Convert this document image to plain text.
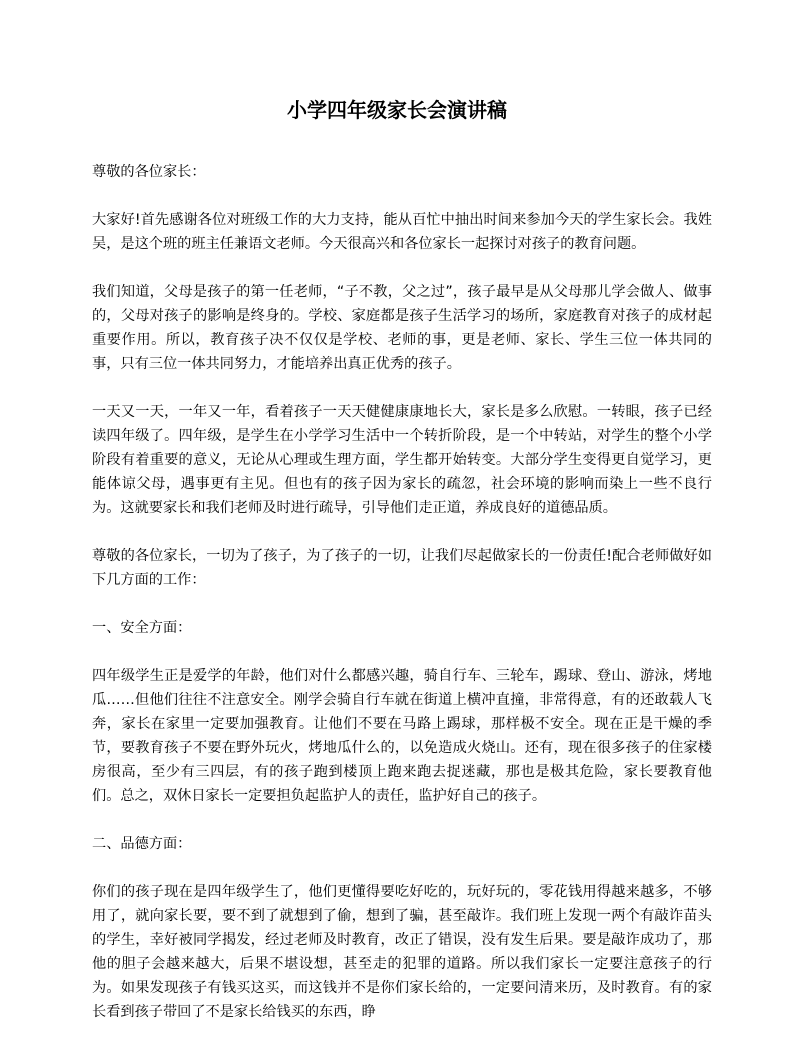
小学四年级家长会演讲稿

尊敬的各位家长：

大家好!首先感谢各位对班级工作的大力支持，能从百忙中抽出时间来参加今天的学生家长会。我姓吴，是这个班的班主任兼语文老师。今天很高兴和各位家长一起探讨对孩子的教育问题。

我们知道，父母是孩子的第一任老师，“子不教，父之过”，孩子最早是从父母那儿学会做人、做事的，父母对孩子的影响是终身的。学校、家庭都是孩子生活学习的场所，家庭教育对孩子的成材起重要作用。所以，教育孩子决不仅仅是学校、老师的事，更是老师、家长、学生三位一体共同的事，只有三位一体共同努力，才能培养出真正优秀的孩子。

一天又一天，一年又一年，看着孩子一天天健健康康地长大，家长是多么欣慰。一转眼，孩子已经读四年级了。四年级，是学生在小学学习生活中一个转折阶段，是一个中转站，对学生的整个小学阶段有着重要的意义，无论从心理或生理方面，学生都开始转变。大部分学生变得更自觉学习，更能体谅父母，遇事更有主见。但也有的孩子因为家长的疏忽，社会环境的影响而染上一些不良行为。这就要家长和我们老师及时进行疏导，引导他们走正道，养成良好的道德品质。

尊敬的各位家长，一切为了孩子，为了孩子的一切，让我们尽起做家长的一份责任!配合老师做好如下几方面的工作：

一、安全方面：

四年级学生正是爱学的年龄，他们对什么都感兴趣，骑自行车、三轮车，踢球、登山、游泳，烤地瓜……但他们往往不注意安全。刚学会骑自行车就在街道上横冲直撞，非常得意，有的还敢载人飞奔，家长在家里一定要加强教育。让他们不要在马路上踢球，那样极不安全。现在正是干燥的季节，要教育孩子不要在野外玩火，烤地瓜什么的，以免造成火烧山。还有，现在很多孩子的住家楼房很高，至少有三四层，有的孩子跑到楼顶上跑来跑去捉迷藏，那也是极其危险，家长要教育他们。总之，双休日家长一定要担负起监护人的责任，监护好自己的孩子。

二、品德方面：

你们的孩子现在是四年级学生了，他们更懂得要吃好吃的，玩好玩的，零花钱用得越来越多，不够用了，就向家长要，要不到了就想到了偷，想到了骗，甚至敲诈。我们班上发现一两个有敲诈苗头的学生，幸好被同学揭发，经过老师及时教育，改正了错误，没有发生后果。要是敲诈成功了，那他的胆子会越来越大，后果不堪设想，甚至走的犯罪的道路。所以我们家长一定要注意孩子的行为。如果发现孩子有钱买这买，而这钱并不是你们家长给的，一定要问清来历，及时教育。有的家长看到孩子带回了不是家长给钱买的东西，睁
